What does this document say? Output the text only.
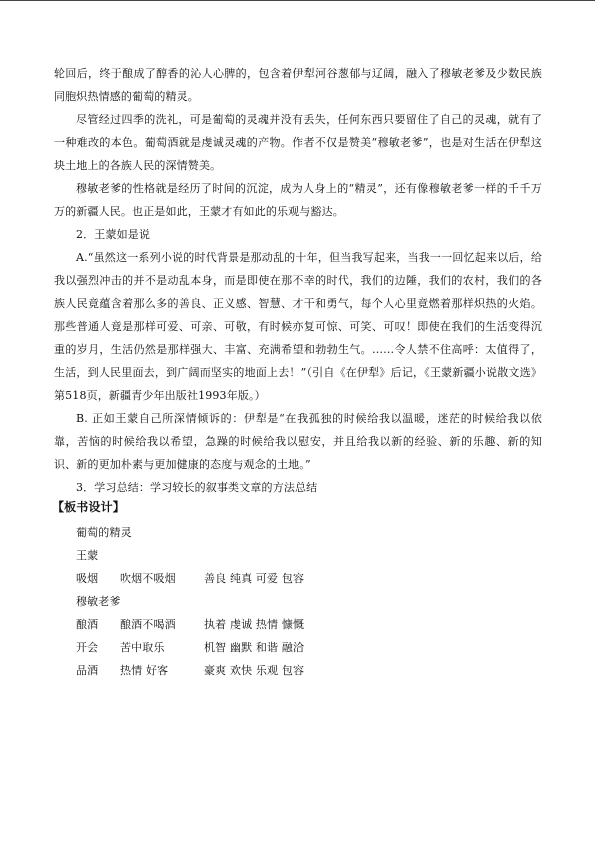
轮回后，终于酿成了醇香的沁人心脾的，包含着伊犁河谷葱郁与辽阔，融入了穆敏老爹及少数民族同胞炽热情感的葡萄的精灵。

尽管经过四季的洗礼，可是葡萄的灵魂并没有丢失，任何东西只要留住了自己的灵魂，就有了一种难改的本色。葡萄酒就是虔诚灵魂的产物。作者不仅是赞美“穆敏老爹”，也是对生活在伊犁这块土地上的各族人民的深情赞美。

穆敏老爹的性格就是经历了时间的沉淀，成为人身上的“精灵”，还有像穆敏老爹一样的千千万万的新疆人民。也正是如此，王蒙才有如此的乐观与豁达。

2．王蒙如是说

A.“虽然这一系列小说的时代背景是那动乱的十年，但当我写起来，当我一一回忆起来以后，给我以强烈冲击的并不是动乱本身，而是即使在那不幸的时代，我们的边陲，我们的农村，我们的各族人民竟蕴含着那么多的善良、正义感、智慧、才干和勇气，每个人心里竟燃着那样炽热的火焰。那些普通人竟是那样可爱、可亲、可敬，有时候亦复可惊、可笑、可叹！即使在我们的生活变得沉重的岁月，生活仍然是那样强大、丰富、充满希望和勃勃生气。……令人禁不住高呼：太值得了，生活，到人民里面去，到广阔而坚实的地面上去！”（引自《在伊犁》后记，《王蒙新疆小说散文选》第518页，新疆青少年出版社1993年版。）

B. 正如王蒙自己所深情倾诉的：伊犁是“在我孤独的时候给我以温暖，迷茫的时候给我以依靠，苦恼的时候给我以希望，急躁的时候给我以慰安，并且给我以新的经验、新的乐趣、新的知识、新的更加朴素与更加健康的态度与观念的土地。”

3．学习总结：学习较长的叙事类文章的方法总结

【板书设计】
葡萄的精灵
王蒙
吸烟 吹烟不吸烟	善良 纯真 可爱 包容
穆敏老爹
酿酒 酿酒不喝酒	执着 虔诚 热情 慷慨
开会 苦中取乐	机智 幽默 和谐 融洽
品酒 热情 好客	豪爽 欢快 乐观 包容
